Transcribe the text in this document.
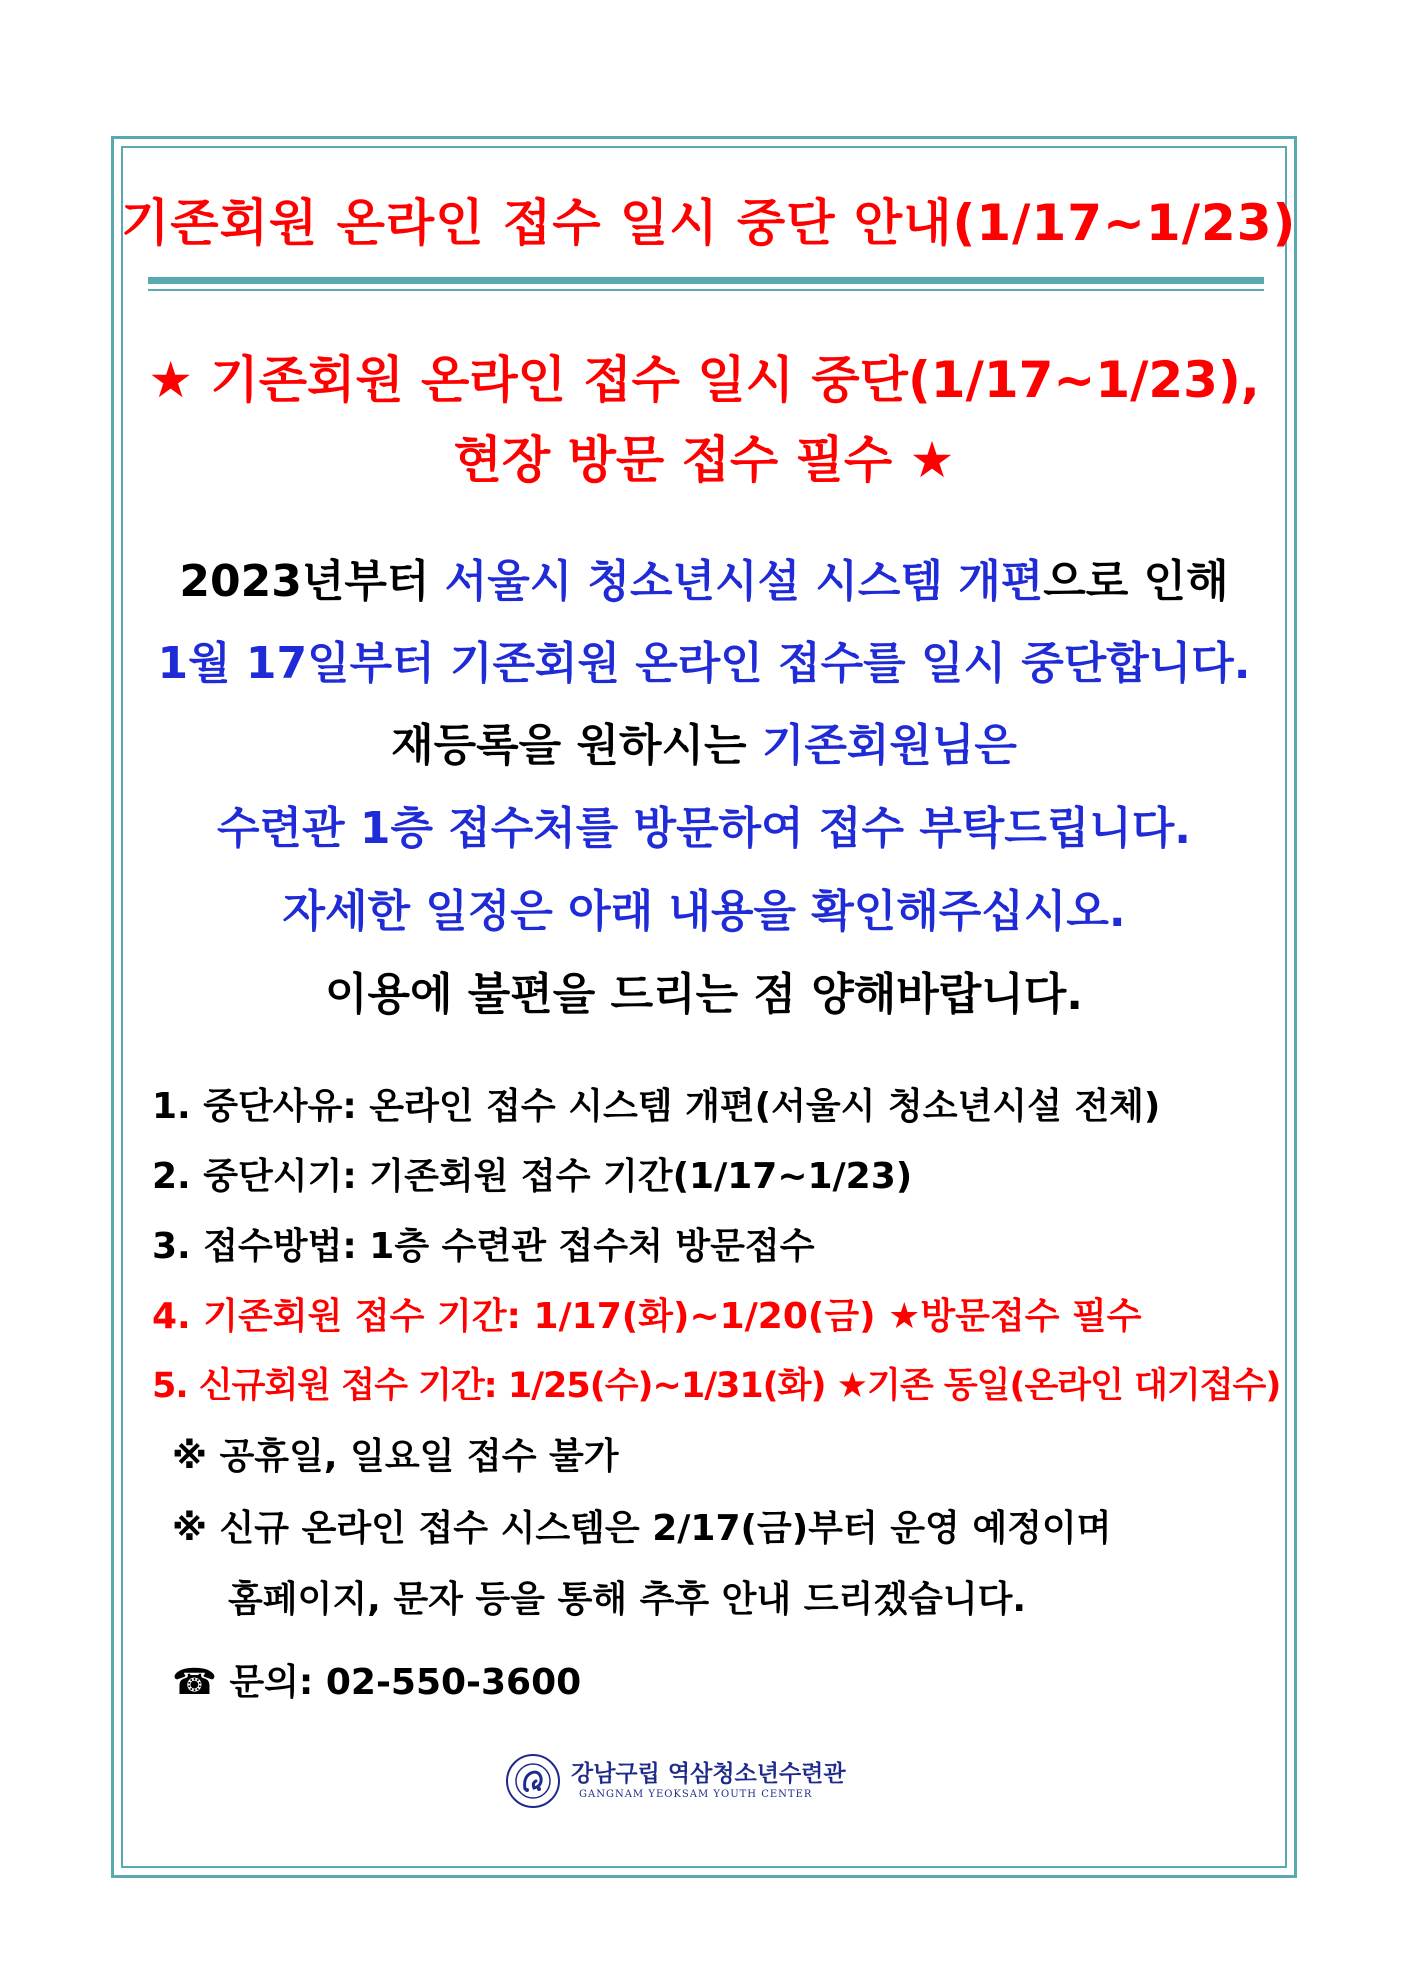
기존회원 온라인 접수 일시 중단 안내(1/17~1/23)
★ 기존회원 온라인 접수 일시 중단(1/17~1/23),
현장 방문 접수 필수 ★
2023년부터 서울시 청소년시설 시스템 개편으로 인해
1월 17일부터 기존회원 온라인 접수를 일시 중단합니다.
재등록을 원하시는 기존회원님은
수련관 1층 접수처를 방문하여 접수 부탁드립니다.
자세한 일정은 아래 내용을 확인해주십시오.
이용에 불편을 드리는 점 양해바랍니다.
1. 중단사유: 온라인 접수 시스템 개편(서울시 청소년시설 전체)
2. 중단시기: 기존회원 접수 기간(1/17~1/23)
3. 접수방법: 1층 수련관 접수처 방문접수
4. 기존회원 접수 기간: 1/17(화)~1/20(금) ★방문접수 필수
5. 신규회원 접수 기간: 1/25(수)~1/31(화) ★기존 동일(온라인 대기접수)
※ 공휴일, 일요일 접수 불가
※ 신규 온라인 접수 시스템은 2/17(금)부터 운영 예정이며
홈페이지, 문자 등을 통해 추후 안내 드리겠습니다.
☎ 문의: 02-550-3600
강남구립 역삼청소년수련관
GANGNAM YEOKSAM YOUTH CENTER
